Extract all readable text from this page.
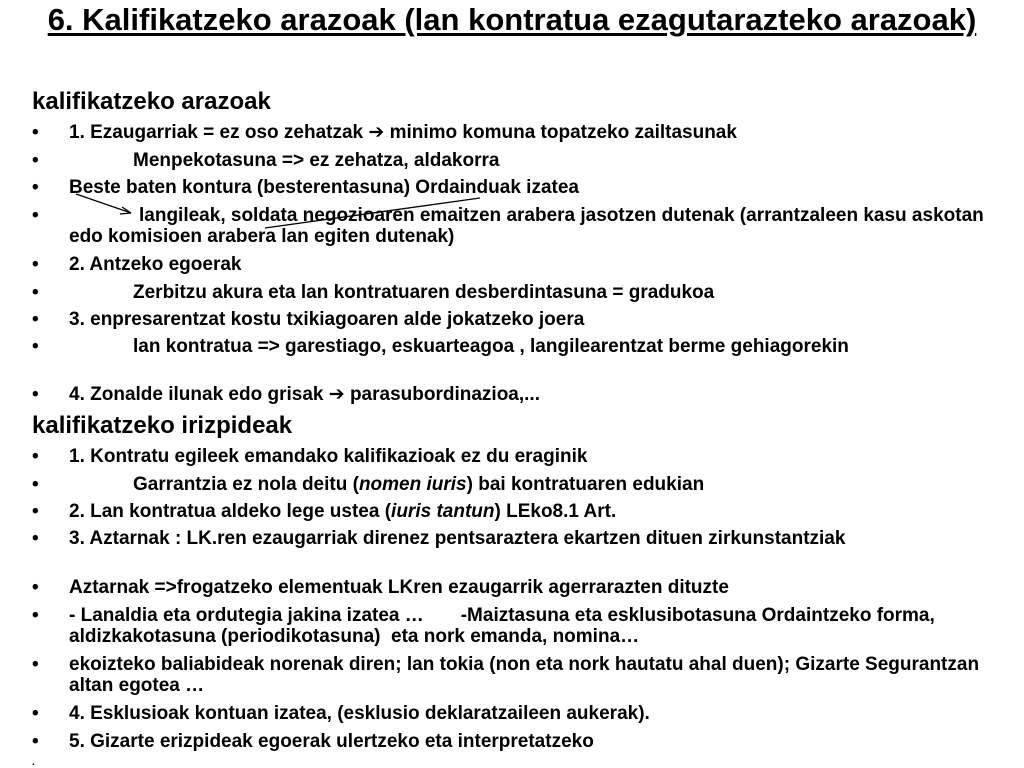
6. Kalifikatzeko arazoak (lan kontratua ezagutarazteko arazoak)
kalifikatzeko arazoak
•	1. Ezaugarriak = ez oso zehatzak ➔ minimo komuna topatzeko zailtasunak
•	Menpekotasuna => ez zehatza, aldakorra
•	Beste baten kontura (besterentasuna) Ordainduak izatea
•	langileak, soldata negozioaren emaitzen arabera jasotzen dutenak (arrantzaleen kasu askotan edo komisioen arabera lan egiten dutenak)
•	2. Antzeko egoerak
•	Zerbitzu akura eta lan kontratuaren desberdintasuna = gradukoa
•	3. enpresarentzat kostu txikiagoaren alde jokatzeko joera
•	lan kontratua => garestiago, eskuarteagoa , langilearentzat berme gehiagorekin
•	4. Zonalde ilunak edo grisak ➔ parasubordinazioa,...
kalifikatzeko irizpideak
•	1. Kontratu egileek emandako kalifikazioak ez du eraginik
•	Garrantzia ez nola deitu (nomen iuris) bai kontratuaren edukian
•	2. Lan kontratua aldeko lege ustea (iuris tantun) LEko8.1 Art.
•	3. Aztarnak : LK.ren ezaugarriak direnez pentsaraztera ekartzen dituen zirkunstantziak
•	Aztarnak =>frogatzeko elementuak LKren ezaugarrik agerrarazten dituzte
•	- Lanaldia eta ordutegia jakina izatea …       -Maiztasuna eta esklusibotasuna Ordaintzeko forma, aldizkakotasuna (periodikotasuna)  eta nork emanda, nomina…
•	ekoizteko baliabideak norenak diren; lan tokia (non eta nork hautatu ahal duen); Gizarte Segurantzan altan egotea …
•	4. Esklusioak kontuan izatea, (esklusio deklaratzaileen aukerak).
•	5. Gizarte erizpideak egoerak ulertzeko eta interpretatzeko
.
